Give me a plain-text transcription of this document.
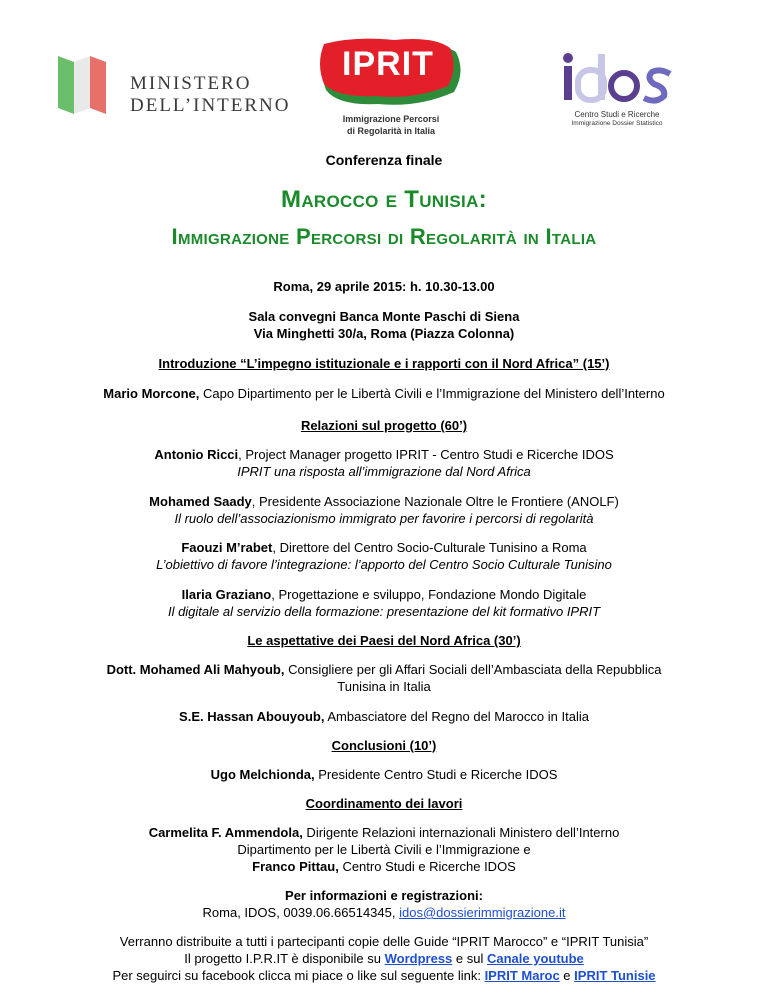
MINISTERO
DELL’INTERNO
IPRIT
Immigrazione Percorsi
di Regolarità in Italia
Centro Studi e Ricerche
Immigrazione Dossier Statistico
Conferenza finale
Marocco e Tunisia:
Immigrazione Percorsi di Regolarità in Italia
Roma, 29 aprile 2015: h. 10.30-13.00
Sala convegni Banca Monte Paschi di Siena
Via Minghetti 30/a, Roma (Piazza Colonna)
Introduzione “L’impegno istituzionale e i rapporti con il Nord Africa” (15’)
Mario Morcone, Capo Dipartimento per le Libertà Civili e l’Immigrazione del Ministero dell’Interno
Relazioni sul progetto (60’)
Antonio Ricci, Project Manager progetto IPRIT - Centro Studi e Ricerche IDOS
IPRIT una risposta all’immigrazione dal Nord Africa
Mohamed Saady, Presidente Associazione Nazionale Oltre le Frontiere (ANOLF)
Il ruolo dell’associazionismo immigrato per favorire i percorsi di regolarità
Faouzi M’rabet, Direttore del Centro Socio-Culturale Tunisino a Roma
L’obiettivo di favore l’integrazione: l’apporto del Centro Socio Culturale Tunisino
Ilaria Graziano, Progettazione e sviluppo, Fondazione Mondo Digitale
Il digitale al servizio della formazione: presentazione del kit formativo IPRIT
Le aspettative dei Paesi del Nord Africa (30’)
Dott. Mohamed Ali Mahyoub, Consigliere per gli Affari Sociali dell’Ambasciata della Repubblica
Tunisina in Italia
S.E. Hassan Abouyoub, Ambasciatore del Regno del Marocco in Italia
Conclusioni (10’)
Ugo Melchionda, Presidente Centro Studi e Ricerche IDOS
Coordinamento dei lavori
Carmelita F. Ammendola, Dirigente Relazioni internazionali Ministero dell’Interno
Dipartimento per le Libertà Civili e l’Immigrazione e
Franco Pittau, Centro Studi e Ricerche IDOS
Per informazioni e registrazioni:
Roma, IDOS, 0039.06.66514345, idos@dossierimmigrazione.it
Verranno distribuite a tutti i partecipanti copie delle Guide “IPRIT Marocco” e “IPRIT Tunisia”
Il progetto I.P.R.IT è disponibile su Wordpress e sul Canale youtube
Per seguirci su facebook clicca mi piace o like sul seguente link: IPRIT Maroc e IPRIT Tunisie
